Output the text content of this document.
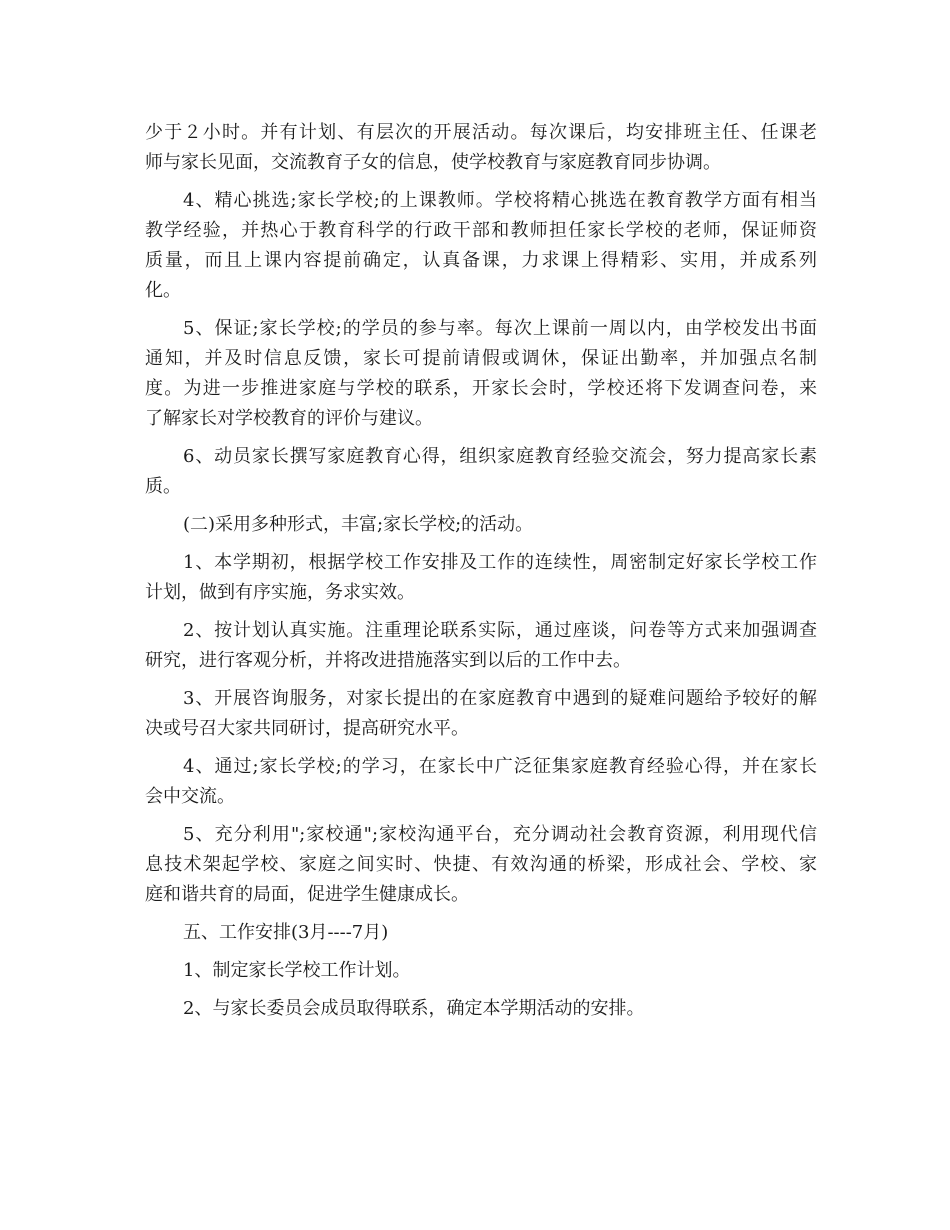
少于２小时。并有计划、有层次的开展活动。每次课后，均安排班主任、任课老
师与家长见面，交流教育子女的信息，使学校教育与家庭教育同步协调。
4、精心挑选;家长学校;的上课教师。学校将精心挑选在教育教学方面有相当
教学经验，并热心于教育科学的行政干部和教师担任家长学校的老师，保证师资
质量，而且上课内容提前确定，认真备课，力求课上得精彩、实用，并成系列
化。
5、保证;家长学校;的学员的参与率。每次上课前一周以内，由学校发出书面
通知，并及时信息反馈，家长可提前请假或调休，保证出勤率，并加强点名制
度。为进一步推进家庭与学校的联系，开家长会时，学校还将下发调查问卷，来
了解家长对学校教育的评价与建议。
6、动员家长撰写家庭教育心得，组织家庭教育经验交流会，努力提高家长素
质。
(二)采用多种形式，丰富;家长学校;的活动。
1、本学期初，根据学校工作安排及工作的连续性，周密制定好家长学校工作
计划，做到有序实施，务求实效。
2、按计划认真实施。注重理论联系实际，通过座谈，问卷等方式来加强调查
研究，进行客观分析，并将改进措施落实到以后的工作中去。
3、开展咨询服务，对家长提出的在家庭教育中遇到的疑难问题给予较好的解
决或号召大家共同研讨，提高研究水平。
4、通过;家长学校;的学习，在家长中广泛征集家庭教育经验心得，并在家长
会中交流。
5、充分利用";家校通";家校沟通平台，充分调动社会教育资源，利用现代信
息技术架起学校、家庭之间实时、快捷、有效沟通的桥梁，形成社会、学校、家
庭和谐共育的局面，促进学生健康成长。
五、工作安排(3月----7月)
1、制定家长学校工作计划。
2、与家长委员会成员取得联系，确定本学期活动的安排。
